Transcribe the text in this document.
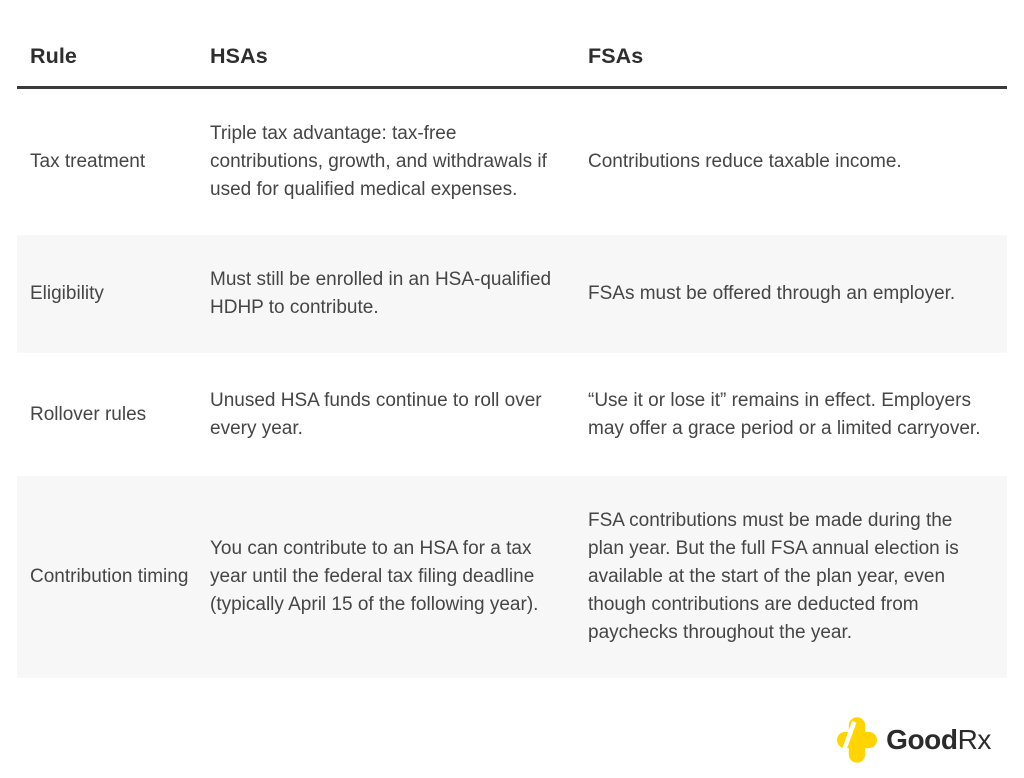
Rule	HSAs	FSAs
Tax treatment
Triple tax advantage: tax-free contributions, growth, and withdrawals if used for qualified medical expenses.
Contributions reduce taxable income.
Eligibility
Must still be enrolled in an HSA-qualified HDHP to contribute.
FSAs must be offered through an employer.
Rollover rules
Unused HSA funds continue to roll over every year.
“Use it or lose it” remains in effect. Employers may offer a grace period or a limited carryover.
Contribution timing
You can contribute to an HSA for a tax year until the federal tax filing deadline (typically April 15 of the following year).
FSA contributions must be made during the plan year. But the full FSA annual election is available at the start of the plan year, even though contributions are deducted from paychecks throughout the year.
GoodRx
